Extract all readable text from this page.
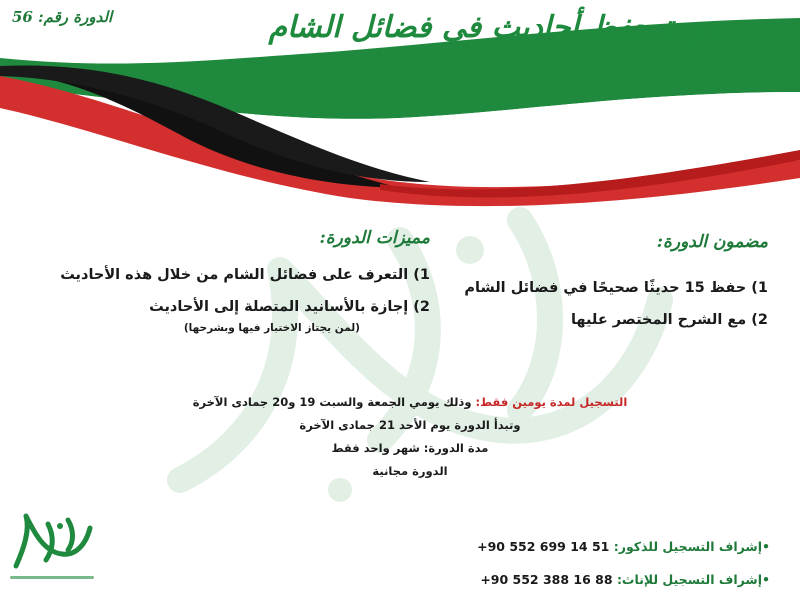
الدورة رقم: 56	دورة حفظ أحاديث في فضائل الشام
مضمون الدورة:
1) حفظ 15 حديثًا صحيحًا في فضائل الشام
2) مع الشرح المختصر عليها
مميزات الدورة:
1) التعرف على فضائل الشام من خلال هذه الأحاديث
2) إجازة بالأسانيد المتصلة إلى الأحاديث
(لمن يجتاز الاختبار فيها وبشرحها)
التسجيل لمدة يومين فقط: وذلك يومي الجمعة والسبت 19 و20 جمادى الآخرة
وتبدأ الدورة يوم الأحد 21 جمادى الآخرة
مدة الدورة: شهر واحد فقط
الدورة مجانية
•إشراف التسجيل للذكور: +90 552 699 14 51
•إشراف التسجيل للإناث: +90 552 388 16 88
